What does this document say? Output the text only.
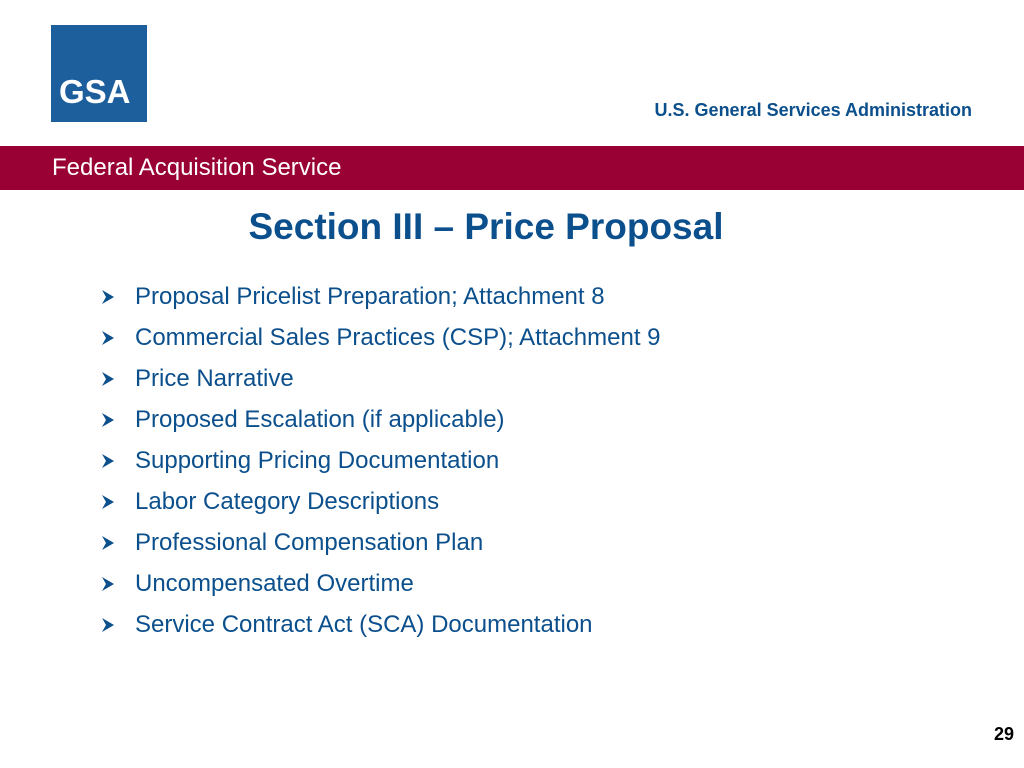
GSA	U.S. General Services Administration
Federal Acquisition Service
Section III – Price Proposal
Proposal Pricelist Preparation; Attachment 8
Commercial Sales Practices (CSP); Attachment 9
Price Narrative
Proposed Escalation (if applicable)
Supporting Pricing Documentation
Labor Category Descriptions
Professional Compensation Plan
Uncompensated Overtime
Service Contract Act (SCA) Documentation
29
